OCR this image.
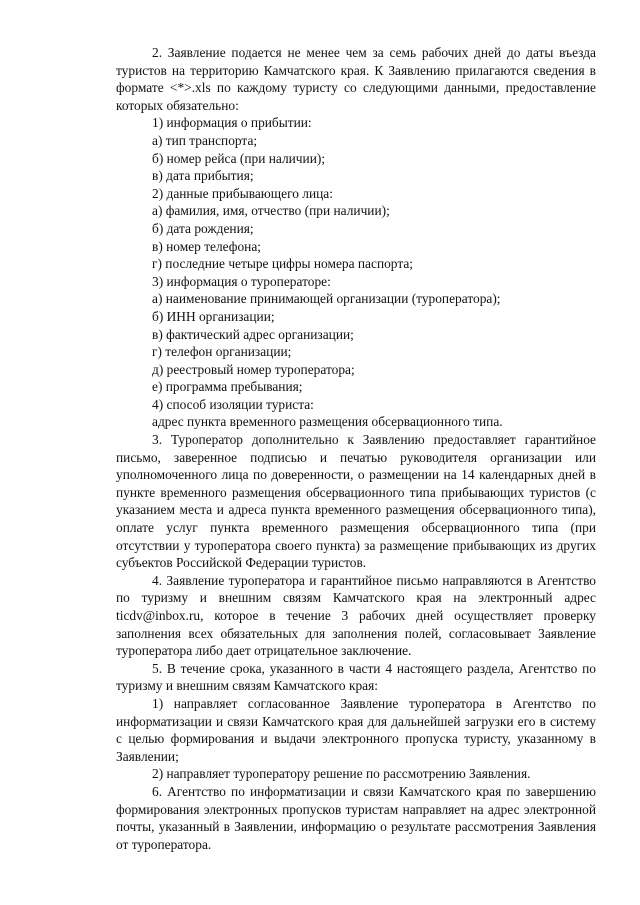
2. Заявление подается не менее чем за семь рабочих дней до даты въезда туристов на территорию Камчатского края. К Заявлению прилагаются сведения в формате <*>.xls по каждому туристу со следующими данными, предоставление которых обязательно:

1) информация о прибытии:

а) тип транспорта;

б) номер рейса (при наличии);

в) дата прибытия;

2) данные прибывающего лица:

а) фамилия, имя, отчество (при наличии);

б) дата рождения;

в) номер телефона;

г) последние четыре цифры номера паспорта;

3) информация о туроператоре:

а) наименование принимающей организации (туроператора);

б) ИНН организации;

в) фактический адрес организации;

г) телефон организации;

д) реестровый номер туроператора;

е) программа пребывания;

4) способ изоляции туриста:

адрес пункта временного размещения обсервационного типа.

3. Туроператор дополнительно к Заявлению предоставляет гарантийное письмо, заверенное подписью и печатью руководителя организации или уполномоченного лица по доверенности, о размещении на 14 календарных дней в пункте временного размещения обсервационного типа прибывающих туристов (с указанием места и адреса пункта временного размещения обсервационного типа), оплате услуг пункта временного размещения обсервационного типа (при отсутствии у туроператора своего пункта) за размещение прибывающих из других субъектов Российской Федерации туристов.

4. Заявление туроператора и гарантийное письмо направляются в Агентство по туризму и внешним связям Камчатского края на электронный адрес ticdv@inbox.ru, которое в течение 3 рабочих дней осуществляет проверку заполнения всех обязательных для заполнения полей, согласовывает Заявление туроператора либо дает отрицательное заключение.

5. В течение срока, указанного в части 4 настоящего раздела, Агентство по туризму и внешним связям Камчатского края:

1) направляет согласованное Заявление туроператора в Агентство по информатизации и связи Камчатского края для дальнейшей загрузки его в систему с целью формирования и выдачи электронного пропуска туристу, указанному в Заявлении;

2) направляет туроператору решение по рассмотрению Заявления.

6. Агентство по информатизации и связи Камчатского края по завершению формирования электронных пропусков туристам направляет на адрес электронной почты, указанный в Заявлении, информацию о результате рассмотрения Заявления от туроператора.
